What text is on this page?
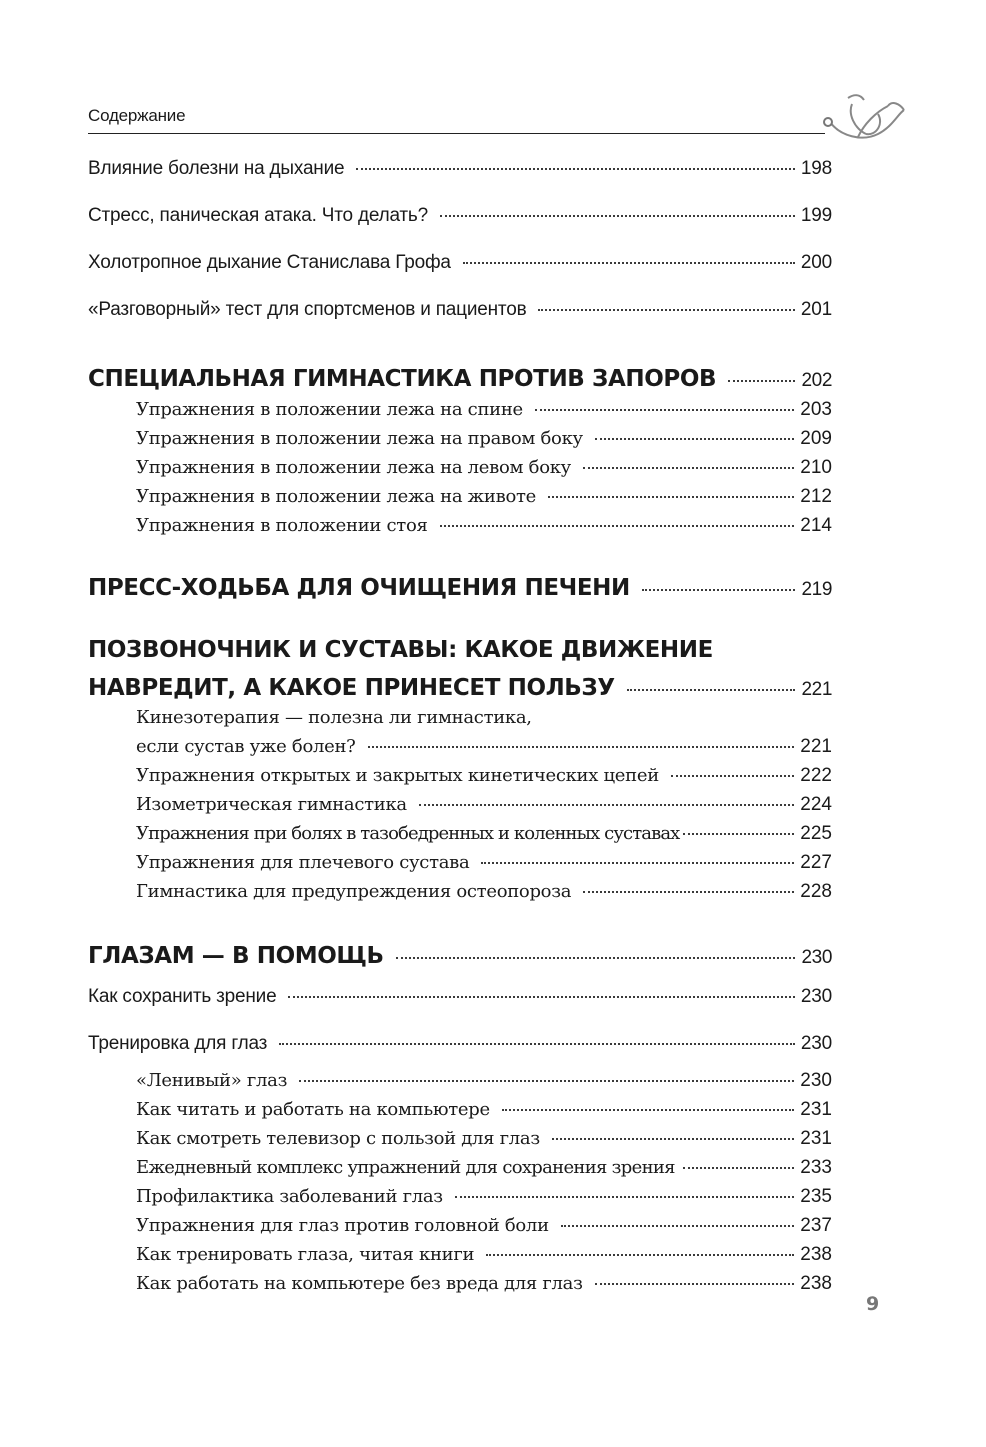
Содержание
Влияние болезни на дыхание	198
Стресс, паническая атака. Что делать?	199
Холотропное дыхание Станислава Грофа	200
«Разговорный» тест для спортсменов и пациентов	201
СПЕЦИАЛЬНАЯ ГИМНАСТИКА ПРОТИВ ЗАПОРОВ	202
Упражнения в положении лежа на спине	203
Упражнения в положении лежа на правом боку	209
Упражнения в положении лежа на левом боку	210
Упражнения в положении лежа на животе	212
Упражнения в положении стоя	214
ПРЕСС-ХОДЬБА ДЛЯ ОЧИЩЕНИЯ ПЕЧЕНИ	219
ПОЗВОНОЧНИК И СУСТАВЫ: КАКОЕ ДВИЖЕНИЕ
НАВРЕДИТ, А КАКОЕ ПРИНЕСЕТ ПОЛЬЗУ	221
Кинезотерапия — полезна ли гимнастика,
если сустав уже болен?	221
Упражнения открытых и закрытых кинетических цепей	222
Изометрическая гимнастика	224
Упражнения при болях в тазобедренных и коленных суставах	225
Упражнения для плечевого сустава	227
Гимнастика для предупреждения остеопороза	228
ГЛАЗАМ — В ПОМОЩЬ	230
Как сохранить зрение	230
Тренировка для глаз	230
«Ленивый» глаз	230
Как читать и работать на компьютере	231
Как смотреть телевизор с пользой для глаз	231
Ежедневный комплекс упражнений для сохранения зрения	233
Профилактика заболеваний глаз	235
Упражнения для глаз против головной боли	237
Как тренировать глаза, читая книги	238
Как работать на компьютере без вреда для глаз	238
9
